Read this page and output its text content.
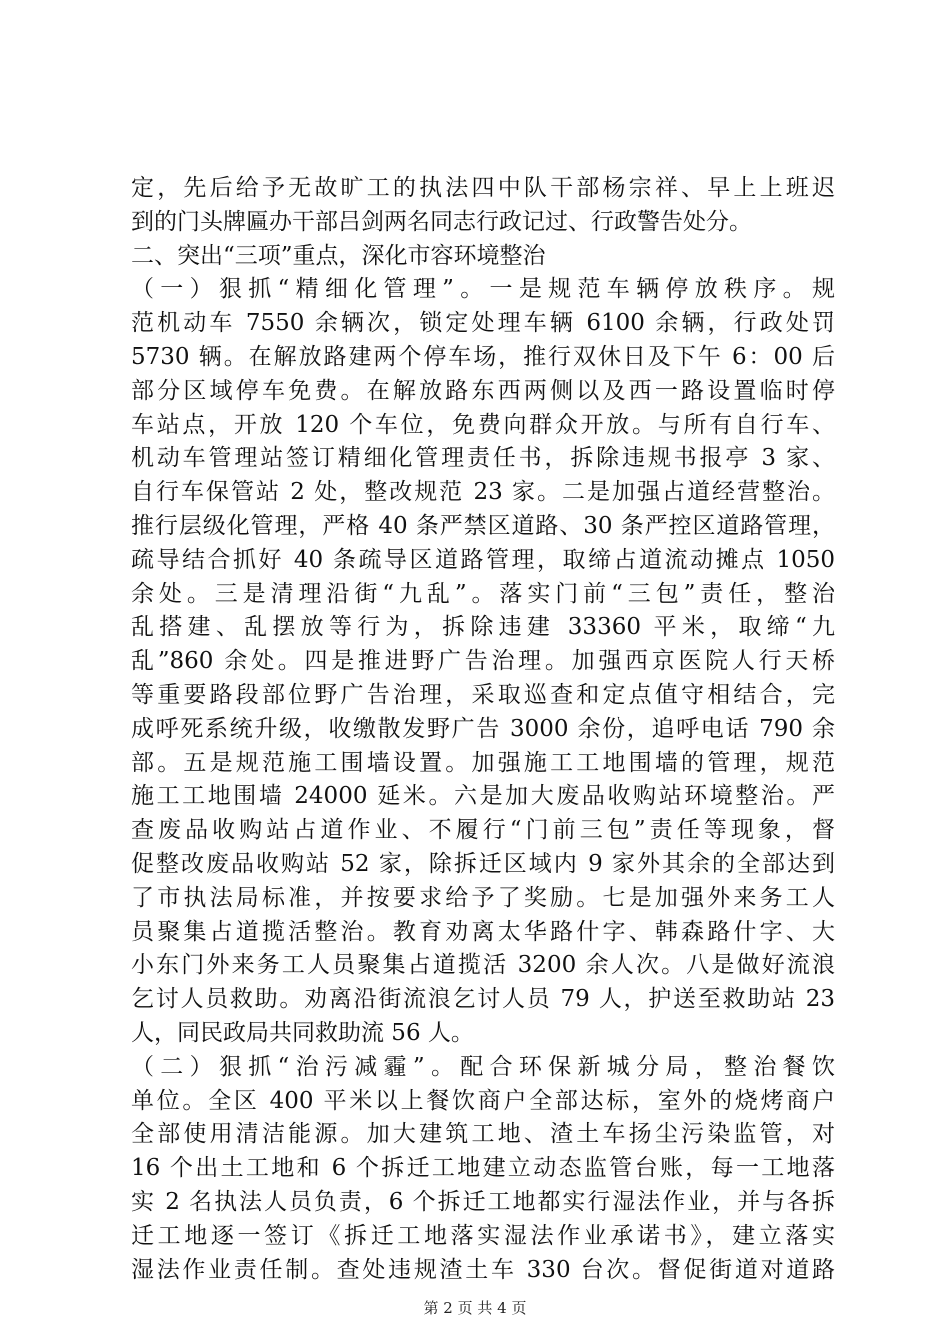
定，先后给予无故旷工的执法四中队干部杨宗祥、早上上班迟
到的门头牌匾办干部吕剑两名同志行政记过、行政警告处分。
二、突出“三项”重点，深化市容环境整治
（一）狠抓“精细化管理”。一是规范车辆停放秩序。规
范机动车 7550 余辆次，锁定处理车辆 6100 余辆，行政处罚
5730 辆。在解放路建两个停车场，推行双休日及下午 6：00 后
部分区域停车免费。在解放路东西两侧以及西一路设置临时停
车站点，开放 120 个车位，免费向群众开放。与所有自行车、
机动车管理站签订精细化管理责任书，拆除违规书报亭 3 家、
自行车保管站 2 处，整改规范 23 家。二是加强占道经营整治。
推行层级化管理，严格 40 条严禁区道路、30 条严控区道路管理，
疏导结合抓好 40 条疏导区道路管理，取缔占道流动摊点 1050
余处。三是清理沿街“九乱”。落实门前“三包”责任，整治
乱搭建、乱摆放等行为，拆除违建 33360 平米，取缔“九
乱”860 余处。四是推进野广告治理。加强西京医院人行天桥
等重要路段部位野广告治理，采取巡查和定点值守相结合，完
成呼死系统升级，收缴散发野广告 3000 余份，追呼电话 790 余
部。五是规范施工围墙设置。加强施工工地围墙的管理，规范
施工工地围墙 24000 延米。六是加大废品收购站环境整治。严
查废品收购站占道作业、不履行“门前三包”责任等现象，督
促整改废品收购站 52 家，除拆迁区域内 9 家外其余的全部达到
了市执法局标准，并按要求给予了奖励。七是加强外来务工人
员聚集占道揽活整治。教育劝离太华路什字、韩森路什字、大
小东门外来务工人员聚集占道揽活 3200 余人次。八是做好流浪
乞讨人员救助。劝离沿街流浪乞讨人员 79 人，护送至救助站 23
人，同民政局共同救助流 56 人。
（二）狠抓“治污减霾”。配合环保新城分局，整治餐饮
单位。全区 400 平米以上餐饮商户全部达标，室外的烧烤商户
全部使用清洁能源。加大建筑工地、渣土车扬尘污染监管，对
16 个出土工地和 6 个拆迁工地建立动态监管台账，每一工地落
实 2 名执法人员负责，6 个拆迁工地都实行湿法作业，并与各拆
迁工地逐一签订《拆迁工地落实湿法作业承诺书》，建立落实
湿法作业责任制。查处违规渣土车 330 台次。督促街道对道路
第 2 页 共 4 页
